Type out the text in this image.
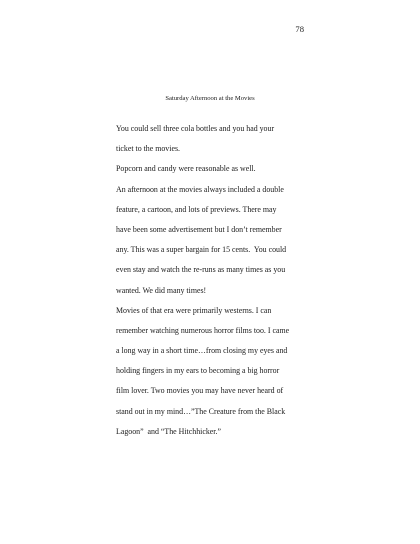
78
Saturday Afternoon at the Movies
You could sell three cola bottles and you had your
ticket to the movies.
Popcorn and candy were reasonable as well.
An afternoon at the movies always included a double
feature, a cartoon, and lots of previews. There may
have been some advertisement but I don’t remember
any. This was a super bargain for 15 cents.  You could
even stay and watch the re-runs as many times as you
wanted. We did many times!
Movies of that era were primarily westerns. I can
remember watching numerous horror films too. I came
a long way in a short time…from closing my eyes and
holding fingers in my ears to becoming a big horror
film lover. Two movies you may have never heard of
stand out in my mind…”The Creature from the Black
Lagoon”  and “The Hitchhicker.”
